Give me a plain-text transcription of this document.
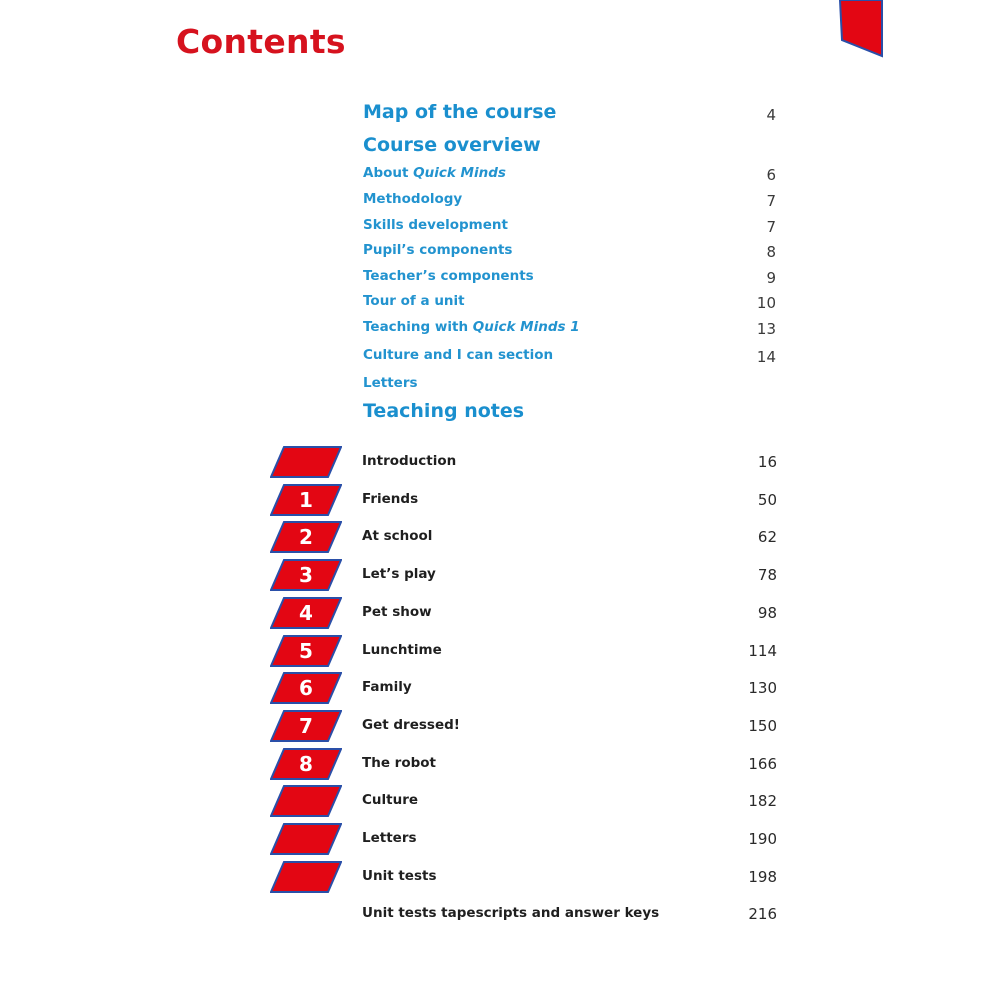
Contents
Map of the course	4
Course overview
About Quick Minds	6
Methodology	7
Skills development	7
Pupil’s components	8
Teacher’s components	9
Tour of a unit	10
Teaching with Quick Minds 1	13
Culture and I can section	14
Letters
Teaching notes
Introduction	16
1	Friends	50
2	At school	62
3	Let’s play	78
4	Pet show	98
5	Lunchtime	114
6	Family	130
7	Get dressed!	150
8	The robot	166
Culture	182
Letters	190
Unit tests	198
Unit tests tapescripts and answer keys	216
